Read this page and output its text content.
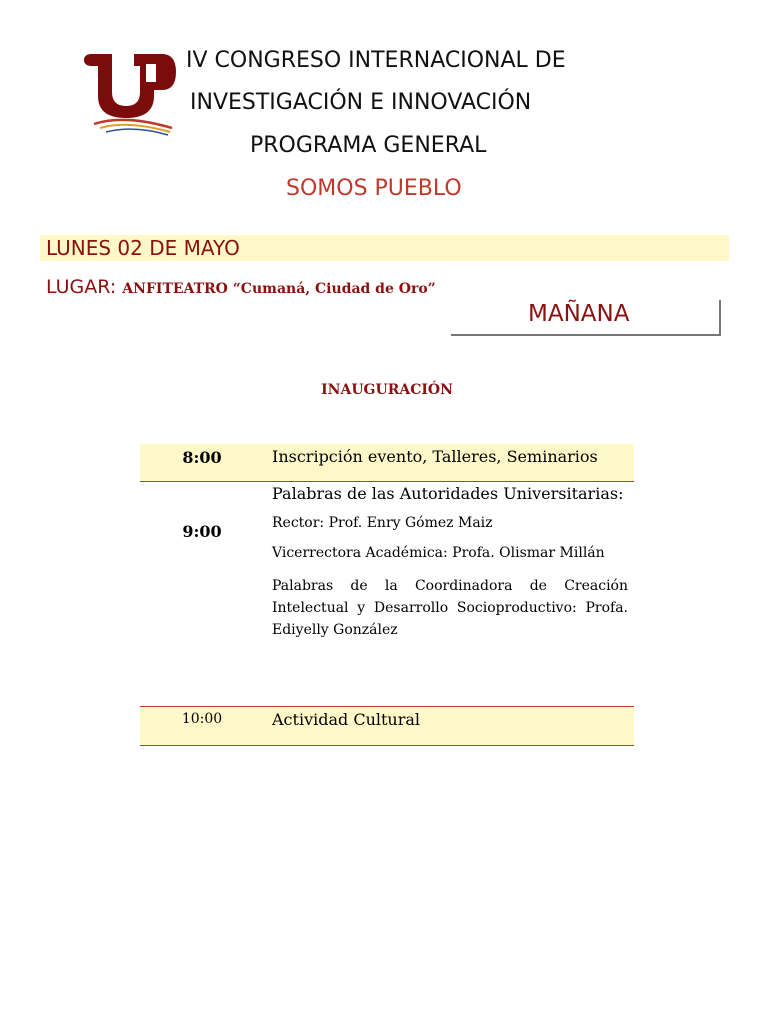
IV CONGRESO INTERNACIONAL DE
INVESTIGACIÓN E INNOVACIÓN
PROGRAMA GENERAL
SOMOS PUEBLO
LUNES 02 DE MAYO
LUGAR: ANFITEATRO “Cumaná, Ciudad de Oro”
MAÑANA
INAUGURACIÓN
8:00	Inscripción evento, Talleres, Seminarios
9:00

Palabras de las Autoridades Universitarias:

Rector: Prof. Enry Gómez Maiz

Vicerrectora Académica: Profa. Olismar Millán

Palabras de la Coordinadora de Creación Intelectual y Desarrollo Socioproductivo: Profa. Ediyelly González

10:00	Actividad Cultural
